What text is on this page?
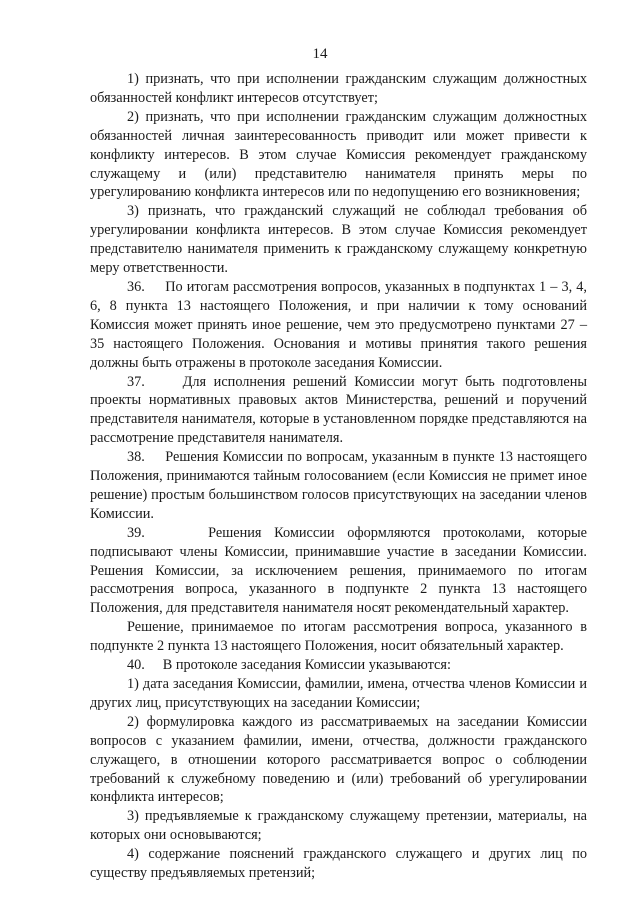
14

1) признать, что при исполнении гражданским служащим должностных обязанностей конфликт интересов отсутствует;

2) признать, что при исполнении гражданским служащим должностных обязанностей личная заинтересованность приводит или может привести к конфликту интересов. В этом случае Комиссия рекомендует гражданскому служащему и (или) представителю нанимателя принять меры по урегулированию конфликта интересов или по недопущению его возникновения;

3) признать, что гражданский служащий не соблюдал требования об урегулировании конфликта интересов. В этом случае Комиссия рекомендует представителю нанимателя применить к гражданскому служащему конкретную меру ответственности.

36.     По итогам рассмотрения вопросов, указанных в подпунктах 1 – 3, 4, 6, 8 пункта 13 настоящего Положения, и при наличии к тому оснований Комиссия может принять иное решение, чем это предусмотрено пунктами 27 – 35 настоящего Положения. Основания и мотивы принятия такого решения должны быть отражены в протоколе заседания Комиссии.

37.     Для исполнения решений Комиссии могут быть подготовлены проекты нормативных правовых актов Министерства, решений и поручений представителя нанимателя, которые в установленном порядке представляются на рассмотрение представителя нанимателя.

38.     Решения Комиссии по вопросам, указанным в пункте 13 настоящего Положения, принимаются тайным голосованием (если Комиссия не примет иное решение) простым большинством голосов присутствующих на заседании членов Комиссии.

39.     Решения Комиссии оформляются протоколами, которые подписывают члены Комиссии, принимавшие участие в заседании Комиссии. Решения Комиссии, за исключением решения, принимаемого по итогам рассмотрения вопроса, указанного в подпункте 2 пункта 13 настоящего Положения, для представителя нанимателя носят рекомендательный характер.

Решение, принимаемое по итогам рассмотрения вопроса, указанного в подпункте 2 пункта 13 настоящего Положения, носит обязательный характер.

40.     В протоколе заседания Комиссии указываются:

1) дата заседания Комиссии, фамилии, имена, отчества членов Комиссии и других лиц, присутствующих на заседании Комиссии;

2) формулировка каждого из рассматриваемых на заседании Комиссии вопросов с указанием фамилии, имени, отчества, должности гражданского служащего, в отношении которого рассматривается вопрос о соблюдении требований к служебному поведению и (или) требований об урегулировании конфликта интересов;

3) предъявляемые к гражданскому служащему претензии, материалы, на которых они основываются;

4) содержание пояснений гражданского служащего и других лиц по существу предъявляемых претензий;
